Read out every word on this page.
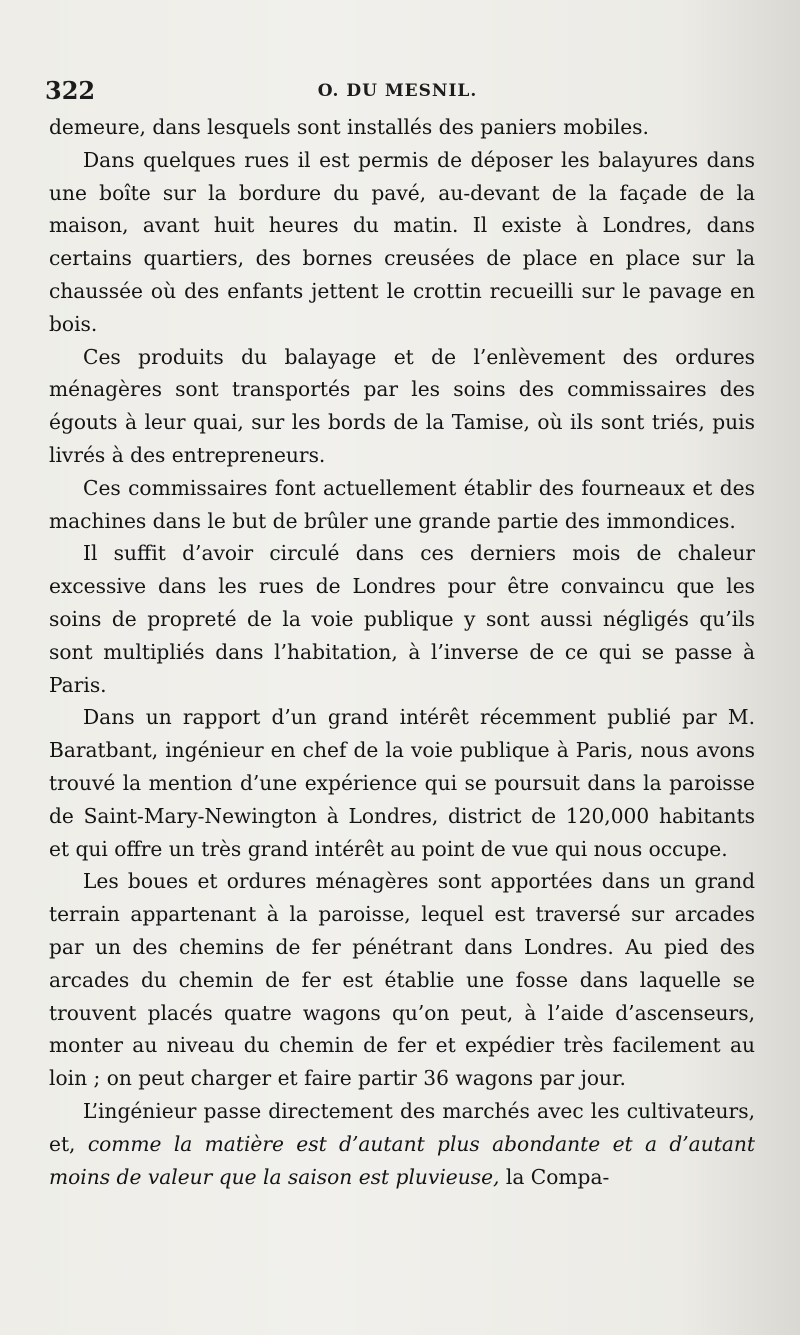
322	O. DU MESNIL.

demeure, dans lesquels sont installés des paniers mobiles.

Dans quelques rues il est permis de déposer les balayures dans une boîte sur la bordure du pavé, au-devant de la façade de la maison, avant huit heures du matin. Il existe à Londres, dans certains quartiers, des bornes creusées de place en place sur la chaussée où des enfants jettent le crottin recueilli sur le pavage en bois.

Ces produits du balayage et de l’enlèvement des ordures ménagères sont transportés par les soins des commissaires des égouts à leur quai, sur les bords de la Tamise, où ils sont triés, puis livrés à des entrepreneurs.

Ces commissaires font actuellement établir des fourneaux et des machines dans le but de brûler une grande partie des immondices.

Il suffit d’avoir circulé dans ces derniers mois de chaleur excessive dans les rues de Londres pour être convaincu que les soins de propreté de la voie publique y sont aussi négligés qu’ils sont multipliés dans l’habitation, à l’inverse de ce qui se passe à Paris.

Dans un rapport d’un grand intérêt récemment publié par M. Baratbant, ingénieur en chef de la voie publique à Paris, nous avons trouvé la mention d’une expérience qui se poursuit dans la paroisse de Saint-Mary-Newington à Londres, district de 120,000 habitants et qui offre un très grand intérêt au point de vue qui nous occupe.

Les boues et ordures ménagères sont apportées dans un grand terrain appartenant à la paroisse, lequel est traversé sur arcades par un des chemins de fer pénétrant dans Londres. Au pied des arcades du chemin de fer est établie une fosse dans laquelle se trouvent placés quatre wagons qu’on peut, à l’aide d’ascenseurs, monter au niveau du chemin de fer et expédier très facilement au loin ; on peut charger et faire partir 36 wagons par jour.

L’ingénieur passe directement des marchés avec les cultivateurs, et, comme la matière est d’autant plus abondante et a d’autant moins de valeur que la saison est pluvieuse, la Compa-
